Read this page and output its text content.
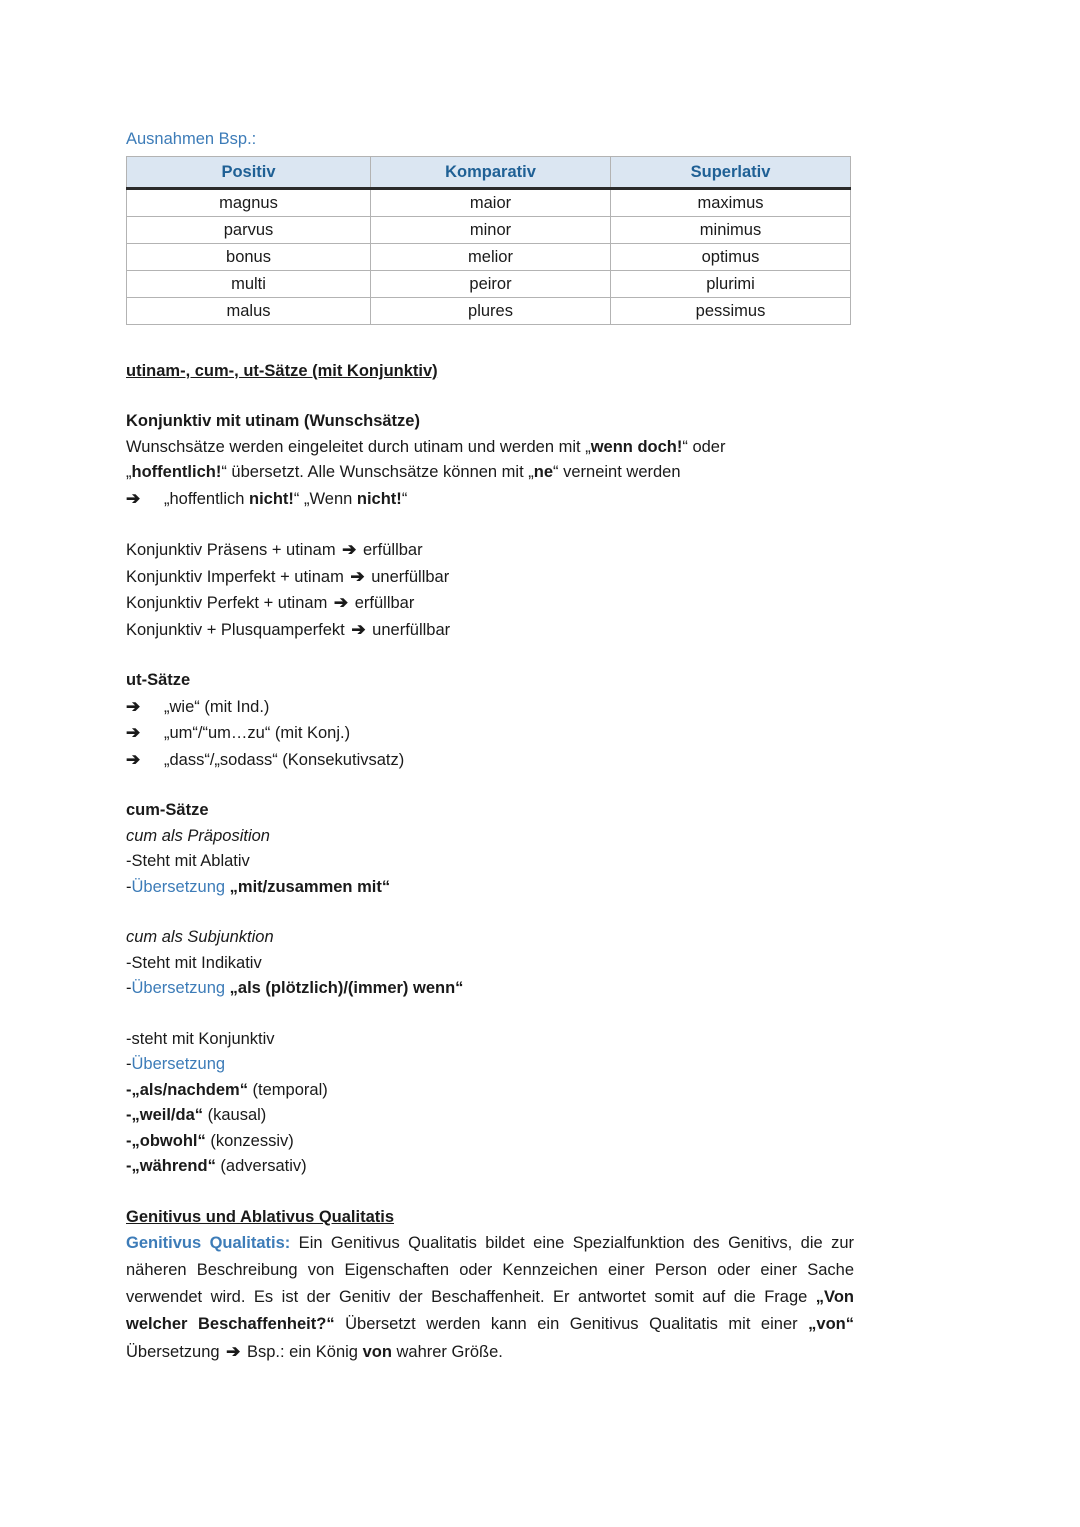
Ausnahmen Bsp.:
Positiv	Komparativ	Superlativ
magnus	maior	maximus
parvus	minor	minimus
bonus	melior	optimus
multi	peiror	plurimi
malus	plures	pessimus
utinam-, cum-, ut-Sätze (mit Konjunktiv)
Konjunktiv mit utinam (Wunschsätze)
Wunschsätze werden eingeleitet durch utinam und werden mit „wenn doch!“ oder
„hoffentlich!“ übersetzt. Alle Wunschsätze können mit „ne“ verneint werden
➔	„hoffentlich nicht!“ „Wenn nicht!“
Konjunktiv Präsens + utinam ➔ erfüllbar
Konjunktiv Imperfekt + utinam ➔ unerfüllbar
Konjunktiv Perfekt + utinam ➔ erfüllbar
Konjunktiv + Plusquamperfekt ➔ unerfüllbar
ut-Sätze
➔	„wie“ (mit Ind.)
➔	„um“/“um…zu“ (mit Konj.)
➔	„dass“/„sodass“ (Konsekutivsatz)
cum-Sätze
cum als Präposition
-Steht mit Ablativ
-Übersetzung „mit/zusammen mit“
cum als Subjunktion
-Steht mit Indikativ
-Übersetzung „als (plötzlich)/(immer) wenn“
-steht mit Konjunktiv
-Übersetzung
-„als/nachdem“ (temporal)
-„weil/da“ (kausal)
-„obwohl“ (konzessiv)
-„während“ (adversativ)
Genitivus und Ablativus Qualitatis
Genitivus Qualitatis: Ein Genitivus Qualitatis bildet eine Spezialfunktion des Genitivs, die zur näheren Beschreibung von Eigenschaften oder Kennzeichen einer Person oder einer Sache verwendet wird. Es ist der Genitiv der Beschaffenheit. Er antwortet somit auf die Frage „Von welcher Beschaffenheit?“ Übersetzt werden kann ein Genitivus Qualitatis mit einer „von“ Übersetzung ➔ Bsp.: ein König von wahrer Größe.
